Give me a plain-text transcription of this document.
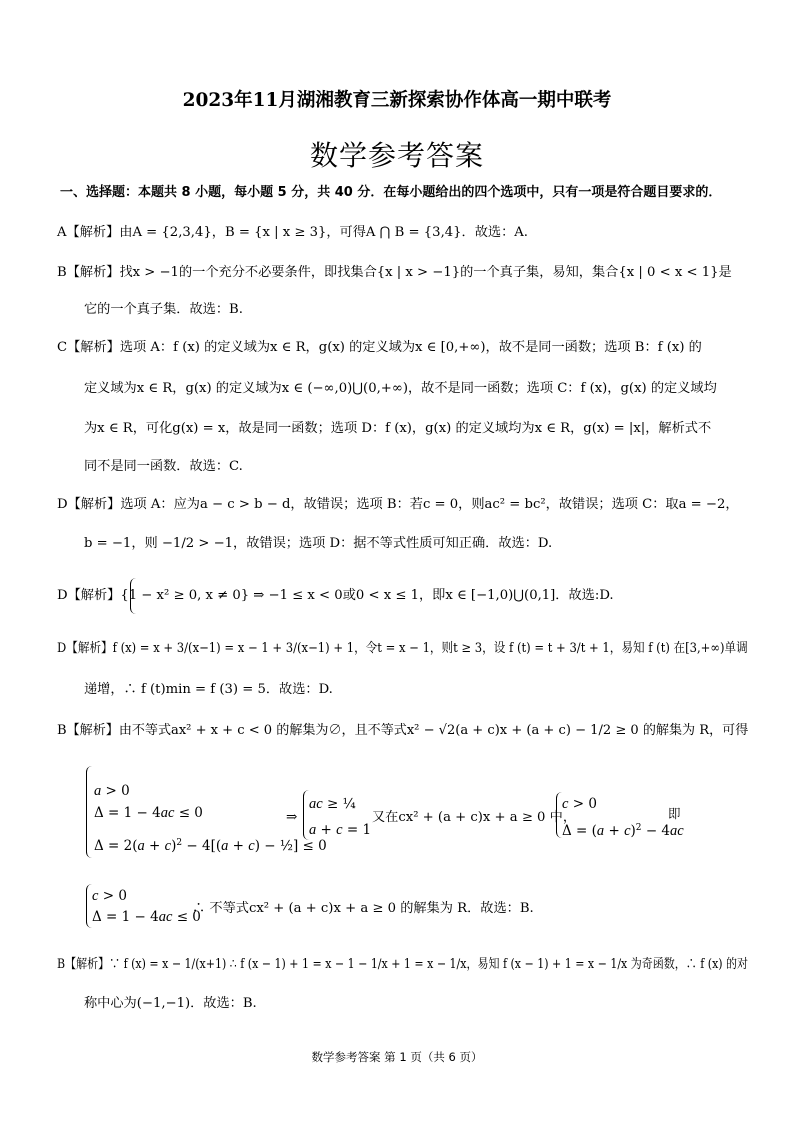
2023年11月湖湘教育三新探索协作体高一期中联考
数学参考答案
一、选择题：本题共 8 小题，每小题 5 分，共 40 分．在每小题给出的四个选项中，只有一项是符合题目要求的．
A【解析】由A = {2,3,4}，B = {x | x ≥ 3}，可得A ⋂ B = {3,4}．故选：A.
B【解析】找x > −1的一个充分不必要条件，即找集合{x | x > −1}的一个真子集，易知，集合{x | 0 < x < 1}是
它的一个真子集．故选：B.
C【解析】选项 A：f (x) 的定义域为x ∈ R，g(x) 的定义域为x ∈ [0,+∞)，故不是同一函数；选项 B：f (x) 的
定义域为x ∈ R，g(x) 的定义域为x ∈ (−∞,0)⋃(0,+∞)，故不是同一函数；选项 C：f (x)，g(x) 的定义域均
为x ∈ R，可化g(x) = x，故是同一函数；选项 D：f (x)，g(x) 的定义域均为x ∈ R，g(x) = |x|，解析式不
同不是同一函数．故选：C.
D【解析】选项 A：应为a − c > b − d，故错误；选项 B：若c = 0，则ac² = bc²，故错误；选项 C：取a = −2，
b = −1，则 −1/2 > −1，故错误；选项 D：据不等式性质可知正确．故选：D.
D【解析】{1 − x² ≥ 0, x ≠ 0} ⇒ −1 ≤ x < 0或0 < x ≤ 1，即x ∈ [−1,0)⋃(0,1]．故选:D.
D【解析】f (x) = x + 3/(x−1) = x − 1 + 3/(x−1) + 1，令t = x − 1，则t ≥ 3，设 f (t) = t + 3/t + 1，易知 f (t) 在[3,+∞)单调
递增，∴ f (t)min = f (3) = 5．故选：D.
B【解析】由不等式ax² + x + c < 0 的解集为∅，且不等式x² − √2(a + c)x + (a + c) − 1/2 ≥ 0 的解集为 R，可得
a > 0
Δ = 1 − 4ac ≤ 0
$\Delta = 2(a + c)^2 - 4[(a + c)$ − ½] ≤ 0
⇒
ac ≥ ¼
a + c = 1
又在cx² + (a + c)x + a ≥ 0 中，
c > 0
$\Delta = (a + c)^2 - 4ac$
即
c > 0
Δ = 1 − 4ac ≤ 0
∴ 不等式cx² + (a + c)x + a ≥ 0 的解集为 R．故选：B.
B【解析】∵ f (x) = x − 1/(x+1) ∴ f (x − 1) + 1 = x − 1 − 1/x + 1 = x − 1/x，易知 f (x − 1) + 1 = x − 1/x 为奇函数，∴ f (x) 的对
称中心为(−1,−1)．故选：B.
数学参考答案 第 1 页（共 6 页）
